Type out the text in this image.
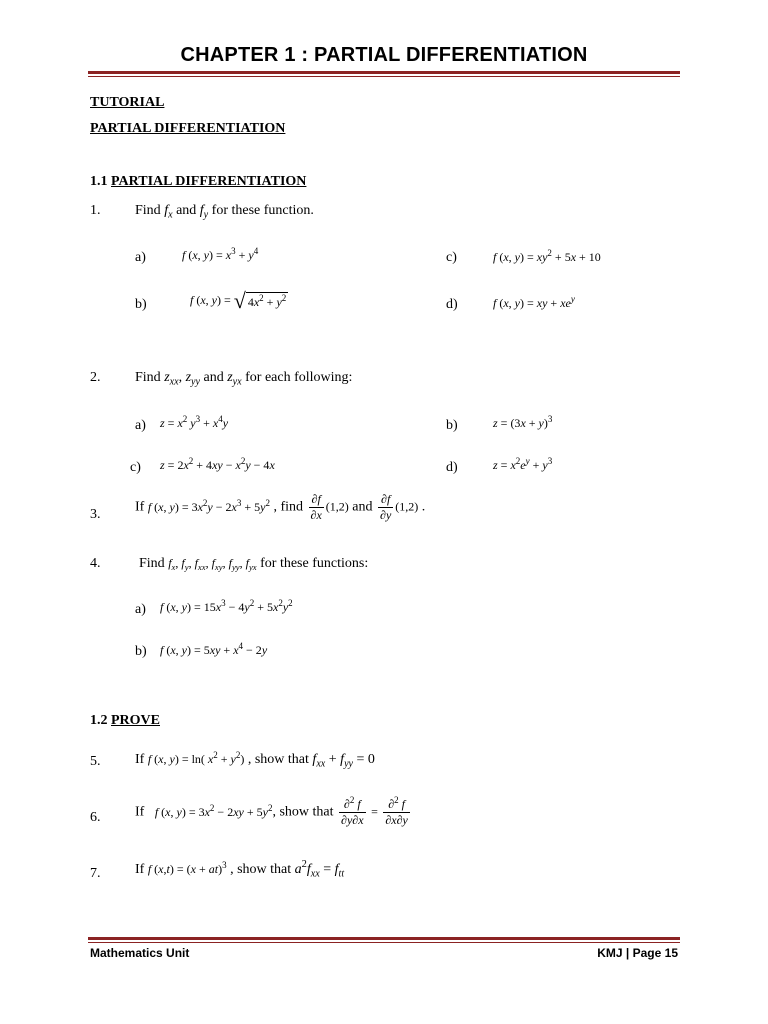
CHAPTER 1 : PARTIAL DIFFERENTIATION
TUTORIAL
PARTIAL DIFFERENTIATION
1.1 PARTIAL DIFFERENTIATION
1. Find $f_x$ and $f_y$ for these function.
a)	f (x, $y) = x^3 + y^4$	c)	f (x, $y) = xy^2 + 5x + 10$
b)	f (x, y) = √ $4x^2 + y^2$	d)	f (x, y) = xy + $xe^y$
2. Find $z_{xx}$, $z_{yy}$ and $z_{yx}$ for each following:
a) $z = x^2$ $y^3 + x^4y$	b)	$z = (3x + y)^3$
c) $z = 2x^2 + 4xy - x^2y - 4x$	d)	$z = x^2e^y + y^3$
3. If f (x, $y) = 3x^2y - 2x^3 + 5y^2$ , find $\frac{\partial f}{\partial x} (1,2)$ and $\frac{\partial f}{\partial y} (1,2)$ .
4.	Find $f_x$, $f_y$, $f_{xx}$, $f_{xy}$, $f_{yy}$, $f_{yx}$ for these functions:
a) f (x, $y) = 15x^3 - 4y^2 + 5x^2y^2$
b) f (x, $y) = 5xy + x^4 - 2y$
1.2 PROVE
5. If f (x, y) = ln( $x^2 + y^2$) , show that $f_{xx} + f_{yy} = 0$
6. If f (x, $y) = 3x^2 - 2xy + 5y^2$, show that $\frac{\partial^2 f}{\partial y\partial x} = \frac{\partial^2 f}{\partial x\partial y}$
7. If f (x,t) = (x + at)$^3$ , show that $a^2f_{xx} = f_{tt}$
Mathematics Unit	KMJ | Page 15
